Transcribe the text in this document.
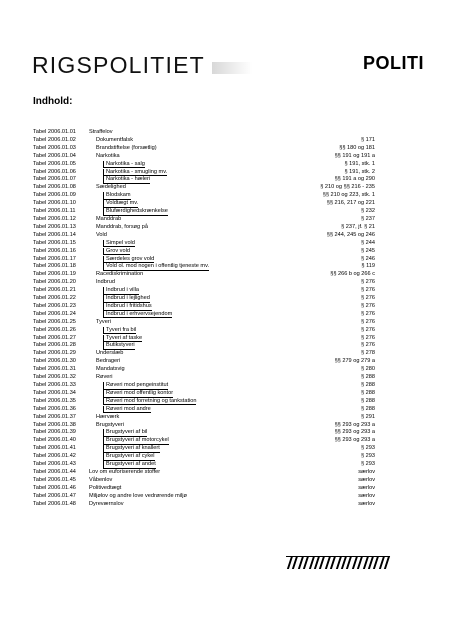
RIGSPOLITIET	POLITI
Indhold:
Tabel 2006.01.01 Straffelov
Tabel 2006.01.02	Dokumentfalsk	§ 171
Tabel 2006.01.03	Brandstiftelse (forsætlig)	§§ 180 og 181
Tabel 2006.01.04	Narkotika	§§ 191 og 191 a
Tabel 2006.01.05	Narkotika - salg	§ 191, stk. 1
Tabel 2006.01.06	Narkotika - smugling mv.	§ 191, stk. 2
Tabel 2006.01.07	Narkotika - hæleri	§§ 191 a og 290
Tabel 2006.01.08	Sædelighed	§ 210 og §§ 216 - 235
Tabel 2006.01.09	Blodskam	§§ 210 og 223, stk. 1
Tabel 2006.01.10	Voldtægt mv.	§§ 216, 217 og 221
Tabel 2006.01.11	Blufærdighedskrænkelse	§ 232
Tabel 2006.01.12	Manddrab	§ 237
Tabel 2006.01.13	Manddrab, forsøg på	§ 237, jf. § 21
Tabel 2006.01.14	Vold	§§ 244, 245 og 246
Tabel 2006.01.15	Simpel vold	§ 244
Tabel 2006.01.16	Grov vold	§ 245
Tabel 2006.01.17	Særdeles grov vold	§ 246
Tabel 2006.01.18	Vold ol. mod nogen i offentlig tjeneste mv.	§ 119
Tabel 2006.01.19	Racediskrimination	§§ 266 b og 266 c
Tabel 2006.01.20	Indbrud	§ 276
Tabel 2006.01.21	Indbrud i villa	§ 276
Tabel 2006.01.22	Indbrud i lejlighed	§ 276
Tabel 2006.01.23	Indbrud i fritidshus	§ 276
Tabel 2006.01.24	Indbrud i erhvervsejendom	§ 276
Tabel 2006.01.25	Tyveri	§ 276
Tabel 2006.01.26	Tyveri fra bil	§ 276
Tabel 2006.01.27	Tyveri af taske	§ 276
Tabel 2006.01.28	Butikstyveri	§ 276
Tabel 2006.01.29	Underslæb	§ 278
Tabel 2006.01.30	Bedrageri	§§ 279 og 279 a
Tabel 2006.01.31	Mandatsvig	§ 280
Tabel 2006.01.32	Røveri	§ 288
Tabel 2006.01.33	Røveri mod pengeinstitut	§ 288
Tabel 2006.01.34	Røveri mod offentlig kontor	§ 288
Tabel 2006.01.35	Røveri mod forretning og tankstation	§ 288
Tabel 2006.01.36	Røveri mod andre	§ 288
Tabel 2006.01.37	Hærværk	§ 291
Tabel 2006.01.38	Brugstyveri	§§ 293 og 293 a
Tabel 2006.01.39	Brugstyveri af bil	§§ 293 og 293 a
Tabel 2006.01.40	Brugstyveri af motorcykel	§§ 293 og 293 a
Tabel 2006.01.41	Brugstyveri af knallert	§ 293
Tabel 2006.01.42	Brugstyveri af cykel	§ 293
Tabel 2006.01.43	Brugstyveri af andet	§ 293
Tabel 2006.01.44 Lov om euforiserende stoffer	særlov
Tabel 2006.01.45 Våbenlov	særlov
Tabel 2006.01.46 Politivedtægt	særlov
Tabel 2006.01.47 Miljølov og andre love vedrørende miljø	særlov
Tabel 2006.01.48 Dyreværnslov	særlov
